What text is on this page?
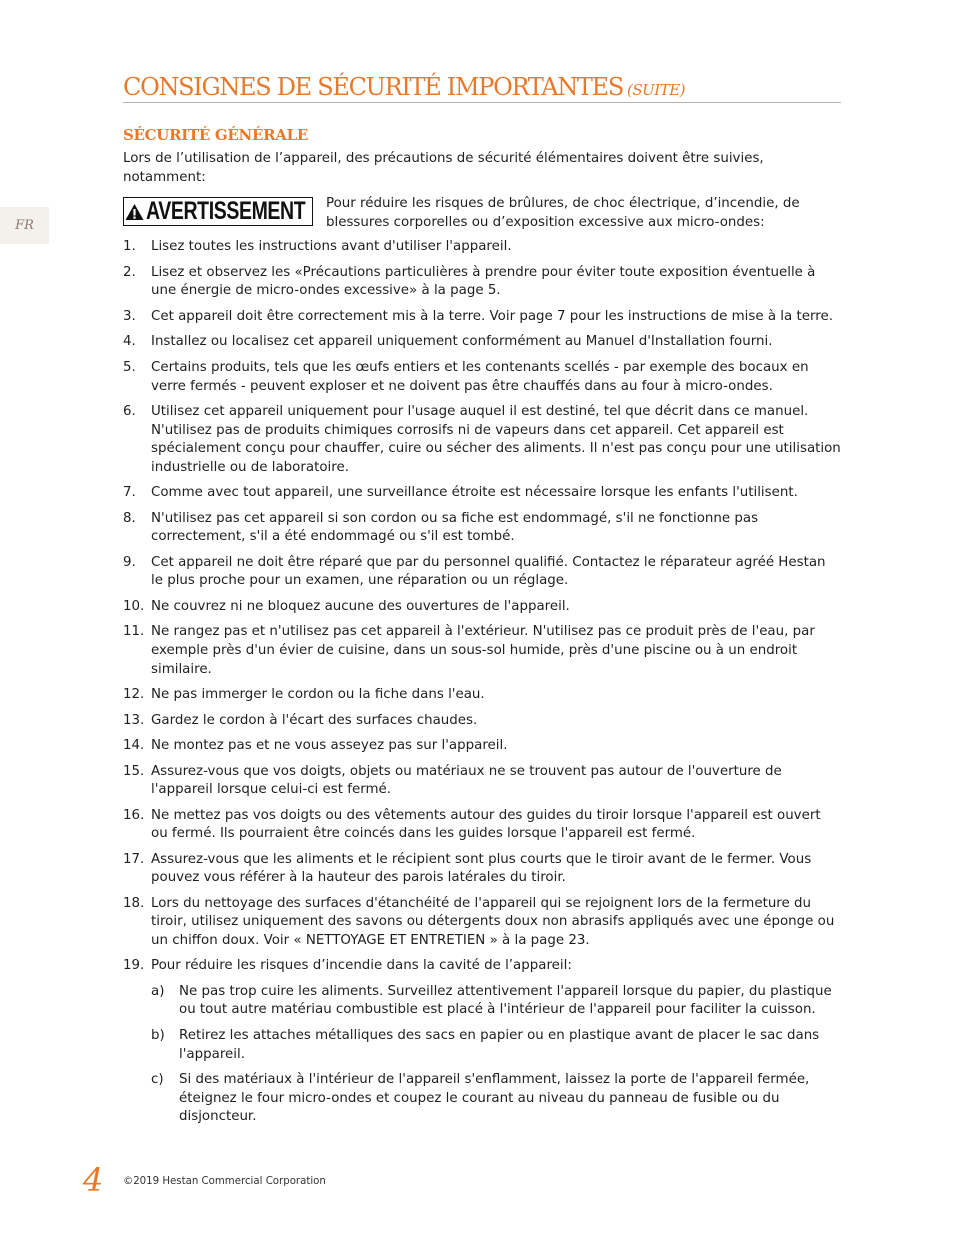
FR
CONSIGNES DE SÉCURITÉ IMPORTANTES (SUITE)
SÉCURITÉ GÉNÉRALE
Lors de l’utilisation de l’appareil, des précautions de sécurité élémentaires doivent être suivies, notamment:
AVERTISSEMENT Pour réduire les risques de brûlures, de choc électrique, d’incendie, de blessures corporelles ou d’exposition excessive aux micro-ondes:
1.	Lisez toutes les instructions avant d'utiliser l'appareil.
2.	Lisez et observez les «Précautions particulières à prendre pour éviter toute exposition éventuelle à une énergie de micro-ondes excessive» à la page 5.
3.	Cet appareil doit être correctement mis à la terre. Voir page 7 pour les instructions de mise à la terre.
4.	Installez ou localisez cet appareil uniquement conformément au Manuel d'Installation fourni.
5.	Certains produits, tels que les œufs entiers et les contenants scellés - par exemple des bocaux en verre fermés - peuvent exploser et ne doivent pas être chauffés dans au four à micro-ondes.
6.	Utilisez cet appareil uniquement pour l'usage auquel il est destiné, tel que décrit dans ce manuel. N'utilisez pas de produits chimiques corrosifs ni de vapeurs dans cet appareil. Cet appareil est spécialement conçu pour chauffer, cuire ou sécher des aliments. Il n'est pas conçu pour une utilisation industrielle ou de laboratoire.
7.	Comme avec tout appareil, une surveillance étroite est nécessaire lorsque les enfants l'utilisent.
8.	N'utilisez pas cet appareil si son cordon ou sa fiche est endommagé, s'il ne fonctionne pas correctement, s'il a été endommagé ou s'il est tombé.
9.	Cet appareil ne doit être réparé que par du personnel qualifié. Contactez le réparateur agréé Hestan le plus proche pour un examen, une réparation ou un réglage.
10. Ne couvrez ni ne bloquez aucune des ouvertures de l'appareil.
11. Ne rangez pas et n'utilisez pas cet appareil à l'extérieur. N'utilisez pas ce produit près de l'eau, par exemple près d'un évier de cuisine, dans un sous-sol humide, près d'une piscine ou à un endroit similaire.
12. Ne pas immerger le cordon ou la fiche dans l'eau.
13. Gardez le cordon à l'écart des surfaces chaudes.
14. Ne montez pas et ne vous asseyez pas sur l'appareil.
15. Assurez-vous que vos doigts, objets ou matériaux ne se trouvent pas autour de l'ouverture de l'appareil lorsque celui-ci est fermé.
16. Ne mettez pas vos doigts ou des vêtements autour des guides du tiroir lorsque l'appareil est ouvert ou fermé. Ils pourraient être coincés dans les guides lorsque l'appareil est fermé.
17. Assurez-vous que les aliments et le récipient sont plus courts que le tiroir avant de le fermer. Vous pouvez vous référer à la hauteur des parois latérales du tiroir.
18. Lors du nettoyage des surfaces d'étanchéité de l'appareil qui se rejoignent lors de la fermeture du tiroir, utilisez uniquement des savons ou détergents doux non abrasifs appliqués avec une éponge ou un chiffon doux. Voir « NETTOYAGE ET ENTRETIEN » à la page 23.
19. Pour réduire les risques d’incendie dans la cavité de l’appareil:
a)	Ne pas trop cuire les aliments. Surveillez attentivement l'appareil lorsque du papier, du plastique ou tout autre matériau combustible est placé à l'intérieur de l'appareil pour faciliter la cuisson.
b)	Retirez les attaches métalliques des sacs en papier ou en plastique avant de placer le sac dans l'appareil.
c)	Si des matériaux à l'intérieur de l'appareil s'enflamment, laissez la porte de l'appareil fermée, éteignez le four micro-ondes et coupez le courant au niveau du panneau de fusible ou du disjoncteur.
4 ©2019 Hestan Commercial Corporation
